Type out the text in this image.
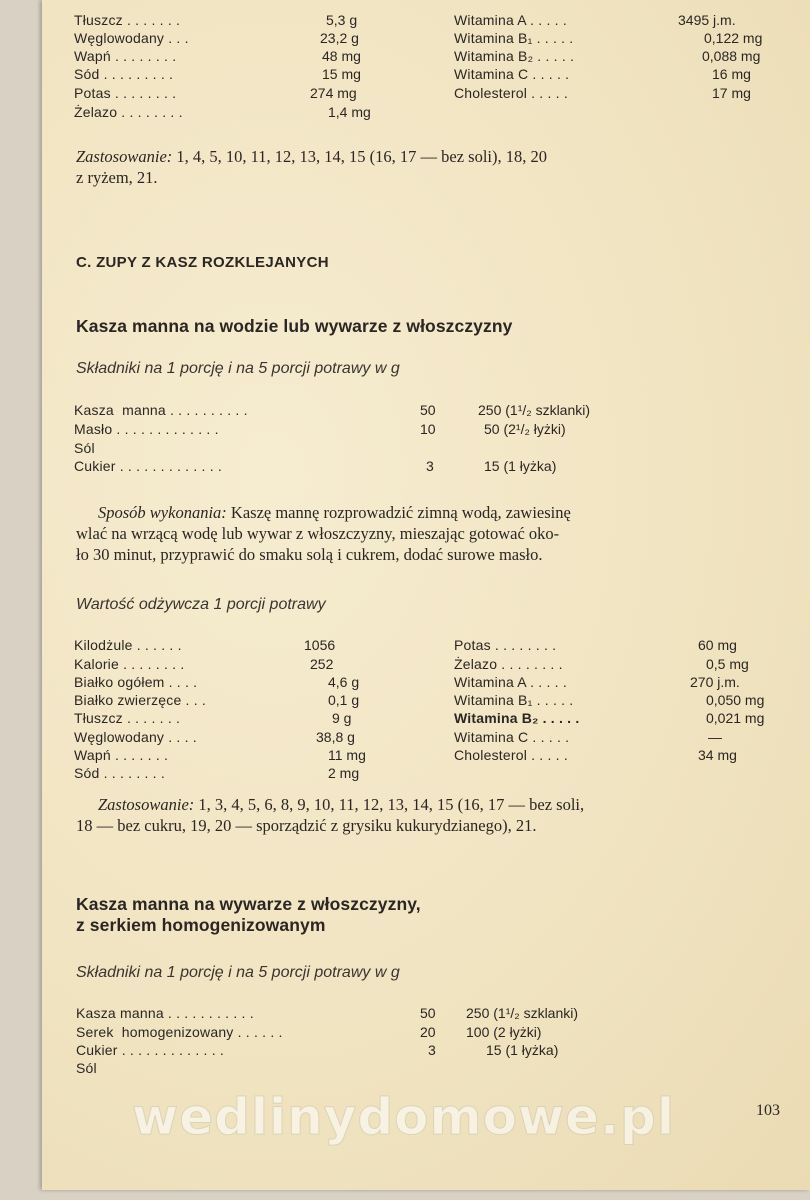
Tłuszcz . . . . . . .	5,3 g
Węglowodany . . .	23,2 g
Wapń . . . . . . . .	48 mg
Sód . . . . . . . . .	15 mg
Potas . . . . . . . .	274 mg
Żelazo . . . . . . . .	1,4 mg
Witamina A . . . . .	3495 j.m.
Witamina B₁ . . . . .	0,122 mg
Witamina B₂ . . . . .	0,088 mg
Witamina C . . . . .	16 mg
Cholesterol . . . . .	17 mg
Zastosowanie: 1, 4, 5, 10, 11, 12, 13, 14, 15 (16, 17 — bez soli), 18, 20
z ryżem, 21.
C. ZUPY Z KASZ ROZKLEJANYCH
Kasza manna na wodzie lub wywarze z włoszczyzny
Składniki na 1 porcję i na 5 porcji potrawy w g
Kasza  manna . . . . . . . . . .	50	250 (1¹/₂ szklanki)
Masło . . . . . . . . . . . . .	10	50 (2¹/₂ łyżki)
Sól
Cukier . . . . . . . . . . . . .	3	15 (1 łyżka)
Sposób wykonania: Kaszę mannę rozprowadzić zimną wodą, zawiesinę
wlać na wrzącą wodę lub wywar z włoszczyzny, mieszając gotować oko-
ło 30 minut, przyprawić do smaku solą i cukrem, dodać surowe masło.
Wartość odżywcza 1 porcji potrawy
Kilodżule . . . . . .	1056
Kalorie . . . . . . . .	252
Białko ogółem . . . .	4,6 g
Białko zwierzęce . . .	0,1 g
Tłuszcz . . . . . . .	9 g
Węglowodany . . . .	38,8 g
Wapń . . . . . . .	11 mg
Sód . . . . . . . .	2 mg
Potas . . . . . . . .	60 mg
Żelazo . . . . . . . .	0,5 mg
Witamina A . . . . .	270 j.m.
Witamina B₁ . . . . .	0,050 mg
Witamina B₂ . . . . .	0,021 mg
Witamina C . . . . .	—
Cholesterol . . . . .	34 mg
Zastosowanie: 1, 3, 4, 5, 6, 8, 9, 10, 11, 12, 13, 14, 15 (16, 17 — bez soli,
18 — bez cukru, 19, 20 — sporządzić z grysiku kukurydzianego), 21.
Kasza manna na wywarze z włoszczyzny,
z serkiem homogenizowanym
Składniki na 1 porcję i na 5 porcji potrawy w g
Kasza manna . . . . . . . . . . .	50 250 (1¹/₂ szklanki)
Serek  homogenizowany . . . . . .	20 100 (2 łyżki)
Cukier . . . . . . . . . . . . .	3	15 (1 łyżka)
Sól
wedlinydomowe.pl	103
